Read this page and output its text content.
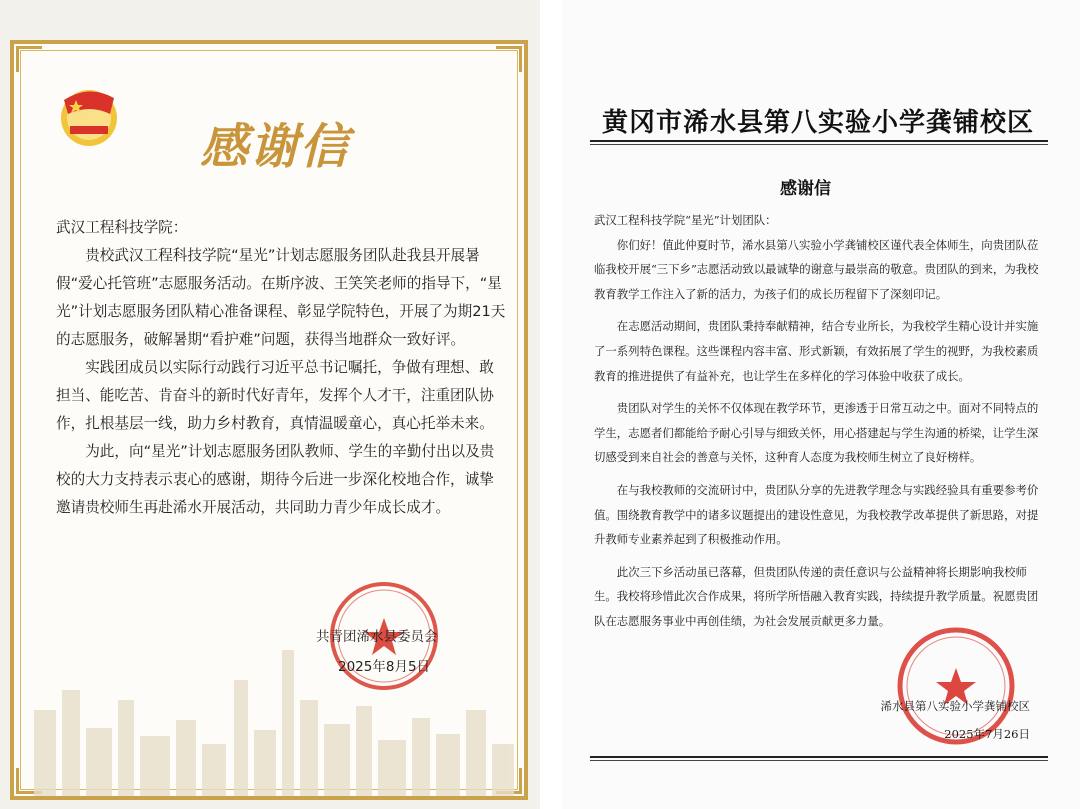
感谢信

武汉工程科技学院：

贵校武汉工程科技学院“星光”计划志愿服务团队赴我县开展暑假“爱心托管班”志愿服务活动。在斯序波、王笑笑老师的指导下，“星光”计划志愿服务团队精心准备课程、彰显学院特色，开展了为期21天的志愿服务，破解暑期“看护难”问题，获得当地群众一致好评。

实践团成员以实际行动践行习近平总书记嘱托，争做有理想、敢担当、能吃苦、肯奋斗的新时代好青年，发挥个人才干，注重团队协作，扎根基层一线，助力乡村教育，真情温暖童心，真心托举未来。

为此，向“星光”计划志愿服务团队教师、学生的辛勤付出以及贵校的大力支持表示衷心的感谢，期待今后进一步深化校地合作，诚挚邀请贵校师生再赴浠水开展活动，共同助力青少年成长成才。

共青团浠水县委员会
2025年8月5日
黄冈市浠水县第八实验小学龚铺校区
感谢信

武汉工程科技学院“星光”计划团队：

你们好！值此仲夏时节，浠水县第八实验小学龚铺校区谨代表全体师生，向贵团队莅临我校开展“三下乡”志愿活动致以最诚挚的谢意与最崇高的敬意。贵团队的到来，为我校教育教学工作注入了新的活力，为孩子们的成长历程留下了深刻印记。

在志愿活动期间，贵团队秉持奉献精神，结合专业所长，为我校学生精心设计并实施了一系列特色课程。这些课程内容丰富、形式新颖，有效拓展了学生的视野，为我校素质教育的推进提供了有益补充，也让学生在多样化的学习体验中收获了成长。

贵团队对学生的关怀不仅体现在教学环节，更渗透于日常互动之中。面对不同特点的学生，志愿者们都能给予耐心引导与细致关怀，用心搭建起与学生沟通的桥梁，让学生深切感受到来自社会的善意与关怀，这种育人态度为我校师生树立了良好榜样。

在与我校教师的交流研讨中，贵团队分享的先进教学理念与实践经验具有重要参考价值。围绕教育教学中的诸多议题提出的建设性意见，为我校教学改革提供了新思路，对提升教师专业素养起到了积极推动作用。

此次三下乡活动虽已落幕，但贵团队传递的责任意识与公益精神将长期影响我校师生。我校将珍惜此次合作成果，将所学所悟融入教育实践，持续提升教学质量。祝愿贵团队在志愿服务事业中再创佳绩，为社会发展贡献更多力量。

浠水县第八实验小学龚铺校区
2025年7月26日
